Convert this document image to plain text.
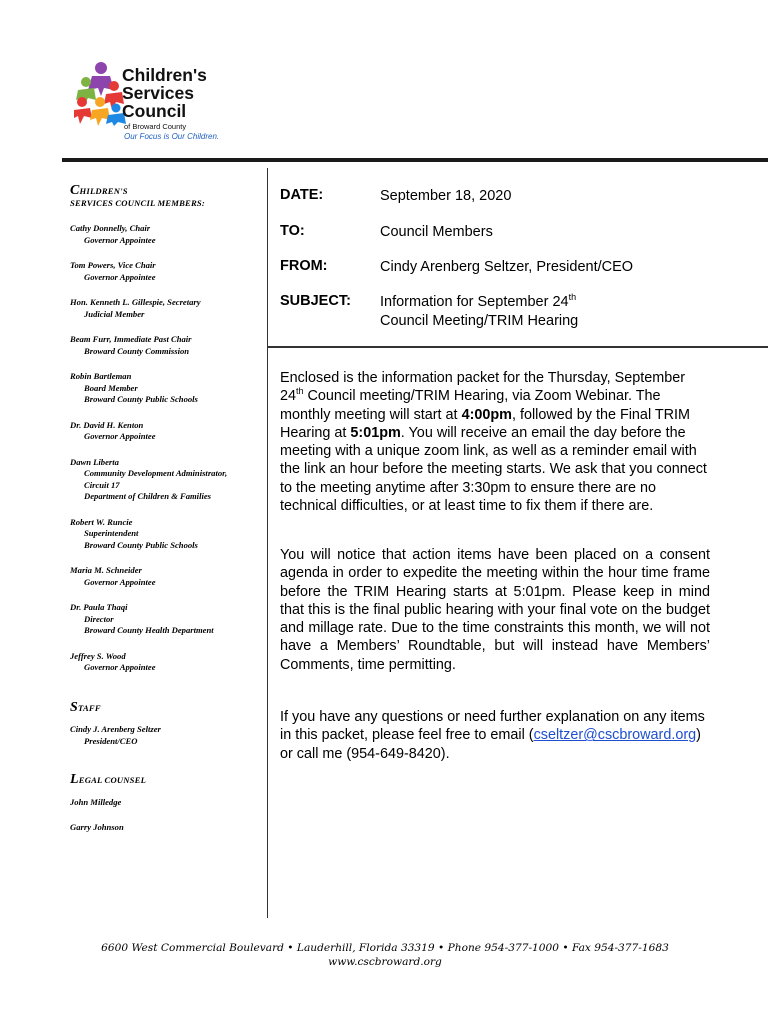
Children's
Services
Council
of Broward County
Our Focus is Our Children.
CHILDREN'S
SERVICES COUNCIL MEMBERS:
Cathy Donnelly, Chair
Governor Appointee
Tom Powers, Vice Chair
Governor Appointee
Hon. Kenneth L. Gillespie, Secretary
Judicial Member
Beam Furr, Immediate Past Chair
Broward County Commission
Robin Bartleman
Board Member
Broward County Public Schools
Dr. David H. Kenton
Governor Appointee
Dawn Liberta
Community Development Administrator,
Circuit 17
Department of Children & Families
Robert W. Runcie
Superintendent
Broward County Public Schools
Maria M. Schneider
Governor Appointee
Dr. Paula Thaqi
Director
Broward County Health Department
Jeffrey S. Wood
Governor Appointee
STAFF
Cindy J. Arenberg Seltzer
President/CEO
LEGAL COUNSEL
John Milledge
Garry Johnson
DATE:	September 18, 2020
TO:	Council Members
FROM:	Cindy Arenberg Seltzer, President/CEO
SUBJECT:	Information for September 24th
Council Meeting/TRIM Hearing
Enclosed is the information packet for the Thursday, September 24th Council meeting/TRIM Hearing, via Zoom Webinar. The monthly meeting will start at 4:00pm, followed by the Final TRIM Hearing at 5:01pm. You will receive an email the day before the meeting with a unique zoom link, as well as a reminder email with the link an hour before the meeting starts. We ask that you connect to the meeting anytime after 3:30pm to ensure there are no technical difficulties, or at least time to fix them if there are.
You will notice that action items have been placed on a consent agenda in order to expedite the meeting within the hour time frame before the TRIM Hearing starts at 5:01pm. Please keep in mind that this is the final public hearing with your final vote on the budget and millage rate. Due to the time constraints this month, we will not have a Members’ Roundtable, but will instead have Members’ Comments, time permitting.
If you have any questions or need further explanation on any items in this packet, please feel free to email (cseltzer@cscbroward.org) or call me (954-649-8420).
6600 West Commercial Boulevard • Lauderhill, Florida 33319 • Phone 954-377-1000 • Fax 954-377-1683
www.cscbroward.org
